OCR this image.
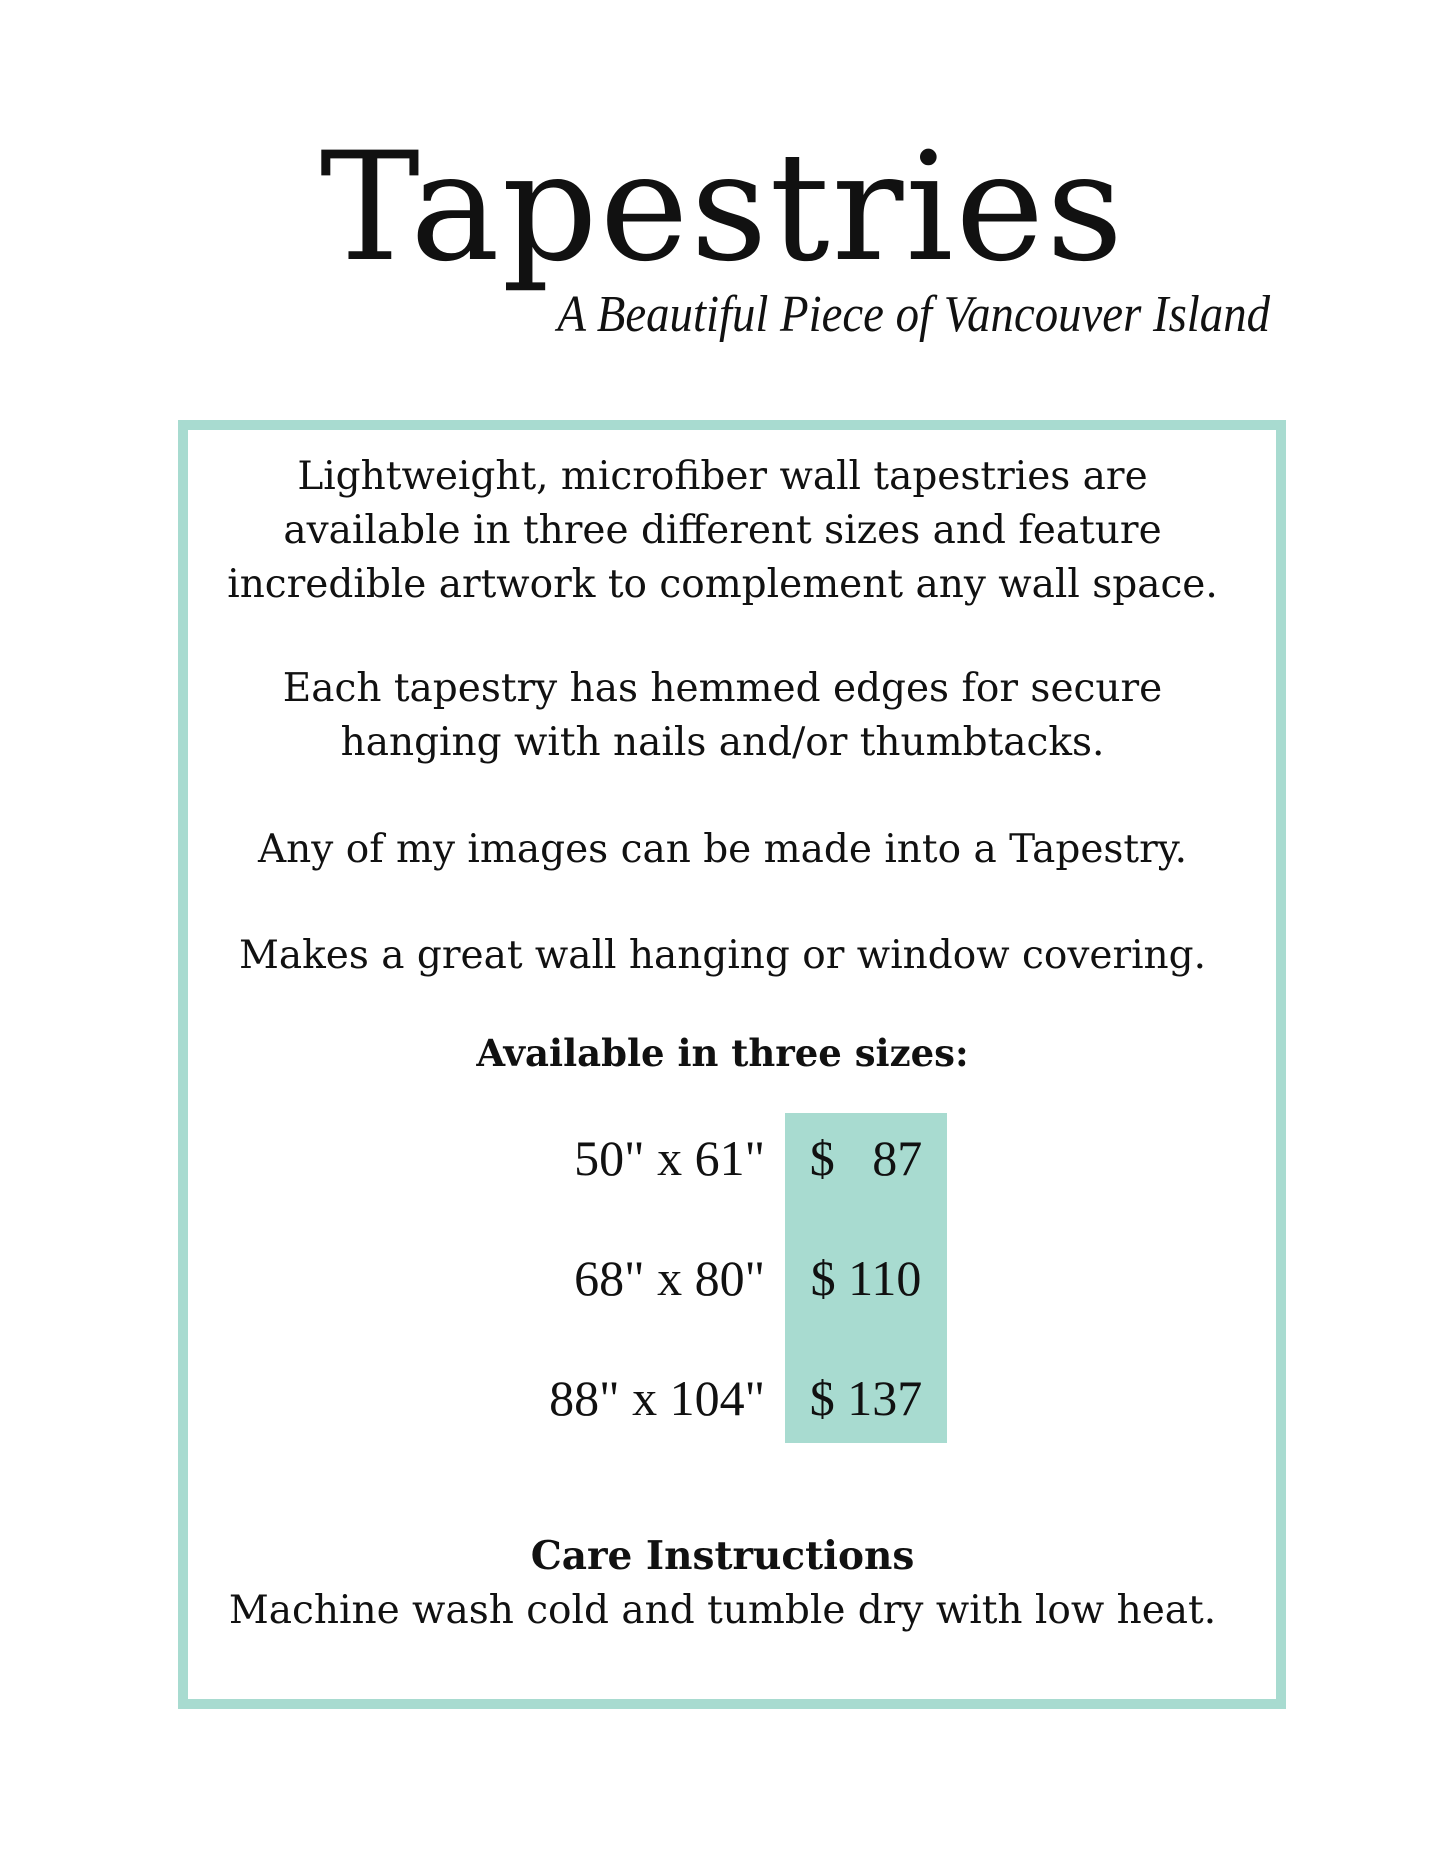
Tapestries
A Beautiful Piece of Vancouver Island
Lightweight, microfiber wall tapestries are
available in three different sizes and feature
incredible artwork to complement any wall space.
Each tapestry has hemmed edges for secure
hanging with nails and/or thumbtacks.
Any of my images can be made into a Tapestry.
Makes a great wall hanging or window covering.
Available in three sizes:
50" x 61" $   87
68" x 80" $ 110
88" x 104" $ 137
Care Instructions
Machine wash cold and tumble dry with low heat.
